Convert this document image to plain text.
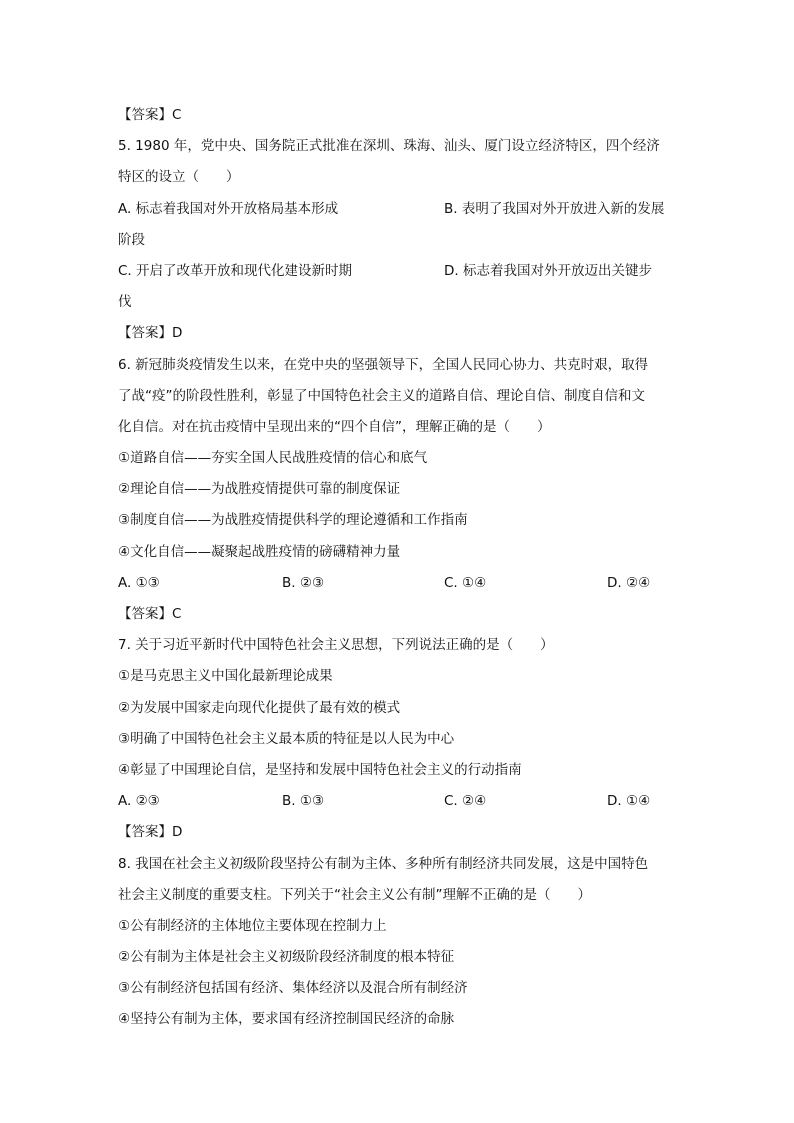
【答案】C
5. 1980 年，党中央、国务院正式批准在深圳、珠海、汕头、厦门设立经济特区，四个经济
特区的设立（　　）
A. 标志着我国对外开放格局基本形成	B. 表明了我国对外开放进入新的发展
阶段
C. 开启了改革开放和现代化建设新时期	D. 标志着我国对外开放迈出关键步
伐
【答案】D
6. 新冠肺炎疫情发生以来，在党中央的坚强领导下，全国人民同心协力、共克时艰，取得
了战“疫”的阶段性胜利，彰显了中国特色社会主义的道路自信、理论自信、制度自信和文
化自信。对在抗击疫情中呈现出来的“四个自信”，理解正确的是（　　）
①道路自信——夯实全国人民战胜疫情的信心和底气
②理论自信——为战胜疫情提供可靠的制度保证
③制度自信——为战胜疫情提供科学的理论遵循和工作指南
④文化自信——凝聚起战胜疫情的磅礴精神力量
A. ①③	B. ②③	C. ①④	D. ②④
【答案】C
7. 关于习近平新时代中国特色社会主义思想，下列说法正确的是（　　）
①是马克思主义中国化最新理论成果
②为发展中国家走向现代化提供了最有效的模式
③明确了中国特色社会主义最本质的特征是以人民为中心
④彰显了中国理论自信，是坚持和发展中国特色社会主义的行动指南
A. ②③	B. ①③	C. ②④	D. ①④
【答案】D
8. 我国在社会主义初级阶段坚持公有制为主体、多种所有制经济共同发展，这是中国特色
社会主义制度的重要支柱。下列关于“社会主义公有制”理解不正确的是（　　）
①公有制经济的主体地位主要体现在控制力上
②公有制为主体是社会主义初级阶段经济制度的根本特征
③公有制经济包括国有经济、集体经济以及混合所有制经济
④坚持公有制为主体，要求国有经济控制国民经济的命脉
